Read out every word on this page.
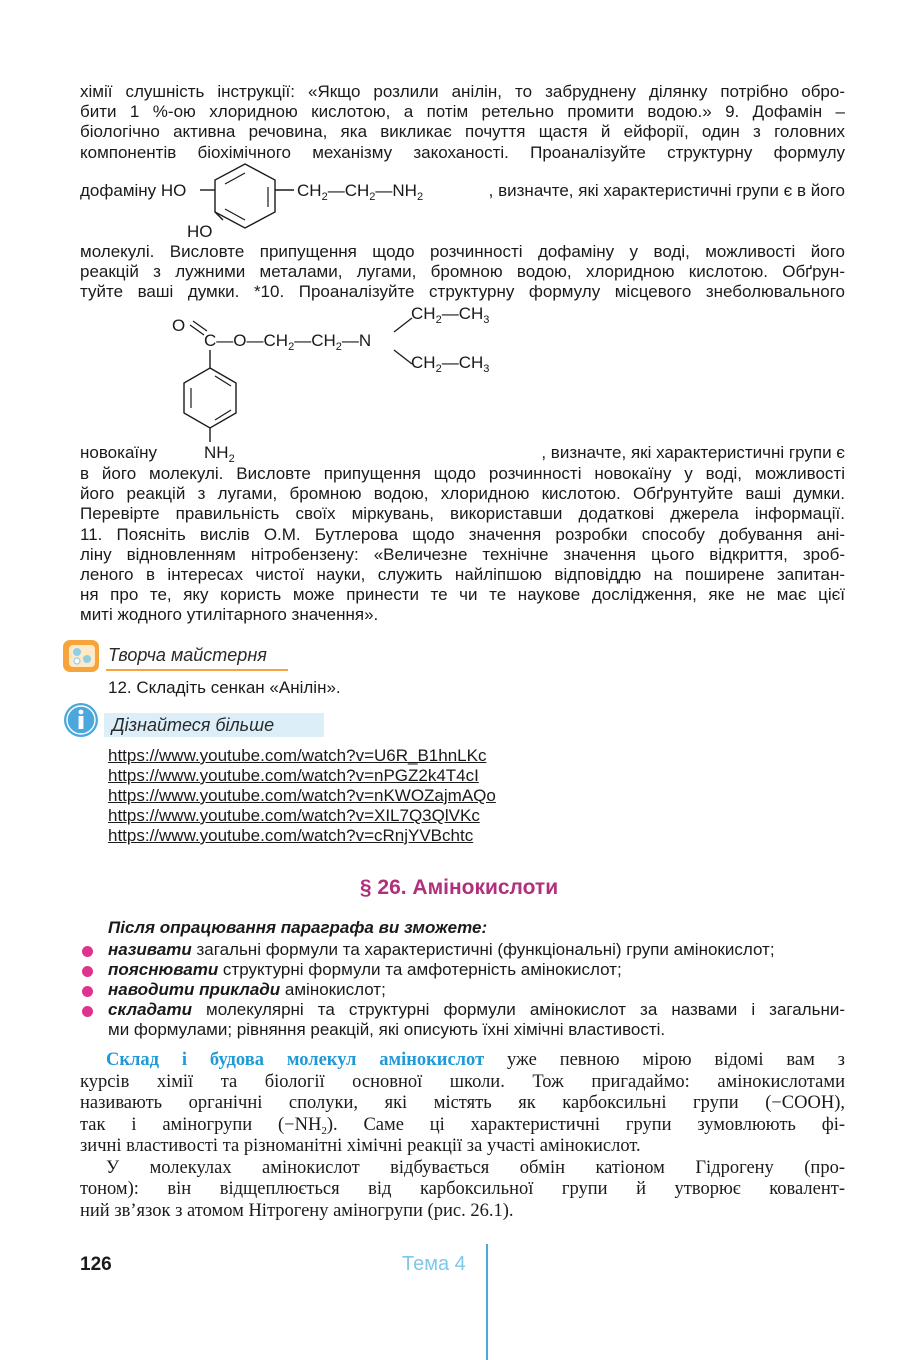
хімії слушність інструкції: «Якщо розлили анілін, то забруднену ділянку потрібно обро-
бити 1 %-ою хлоридною кислотою, а потім ретельно промити водою.» 9. Дофамін –
біологічно активна речовина, яка викликає почуття щастя й ейфорії, один з головних
компонентів біохімічного механізму закоханості. Проаналізуйте структурну формулу
дофаміну HO	$CH_2—CH_2—NH_2$	, визначте, які характеристичні групи є в його
HO
молекулі. Висловте припущення щодо розчинності дофаміну у воді, можливості його
реакцій з лужними металами, лугами, бромною водою, хлоридною кислотою. Обґрун-
туйте ваші думки. *10. Проаналізуйте структурну формулу місцевого знеболювального
O
$C—O—CH_2—CH_2—N$
$CH_2—CH_3$
$CH_2—CH_3$
новокаїну	$NH_2$	, визначте, які характеристичні групи є
в його молекулі. Висловте припущення щодо розчинності новокаїну у воді, можливості
його реакцій з лугами, бромною водою, хлоридною кислотою. Обґрунтуйте ваші думки.
Перевірте правильність своїх міркувань, використавши додаткові джерела інформації.
11. Поясніть вислів О.М. Бутлерова щодо значення розробки способу добування ані-
ліну відновленням нітробензену: «Величезне технічне значення цього відкриття, зроб-
леного в інтересах чистої науки, служить найліпшою відповіддю на поширене запитан-
ня про те, яку користь може принести те чи те наукове дослідження, яке не має цієї
миті жодного утилітарного значення».
Творча майстерня
12. Складіть сенкан «Анілін».
Дізнайтеся більше
https://www.youtube.com/watch?v=U6R_B1hnLKc
https://www.youtube.com/watch?v=nPGZ2k4T4cI
https://www.youtube.com/watch?v=nKWOZajmAQo
https://www.youtube.com/watch?v=XIL7Q3QlVKc
https://www.youtube.com/watch?v=cRnjYVBchtc
§ 26. Амінокислоти
Після опрацювання параграфа ви зможете:
називати загальні формули та характеристичні (функціональні) групи амінокислот;
пояснювати структурні формули та амфотерність амінокислот;
наводити приклади амінокислот;
складати молекулярні та структурні формули амінокислот за назвами і загальни-
ми формулами; рівняння реакцій, які описують їхні хімічні властивості.
Склад і будова молекул амінокислот уже певною мірою відомі вам з
курсів хімії та біології основної школи. Тож пригадаймо: амінокислотами
називають органічні сполуки, які містять як карбоксильні групи (−COOH),
так і аміногрупи $(-NH_2)$. Саме ці характеристичні групи зумовлюють фі-
зичні властивості та різноманітні хімічні реакції за участі амінокислот.
У молекулах амінокислот відбувається обмін катіоном Гідрогену (про-
тоном): він відщеплюється від карбоксильної групи й утворює ковалент-
ний зв’язок з атомом Нітрогену аміногрупи (рис. 26.1).
126	Тема 4
